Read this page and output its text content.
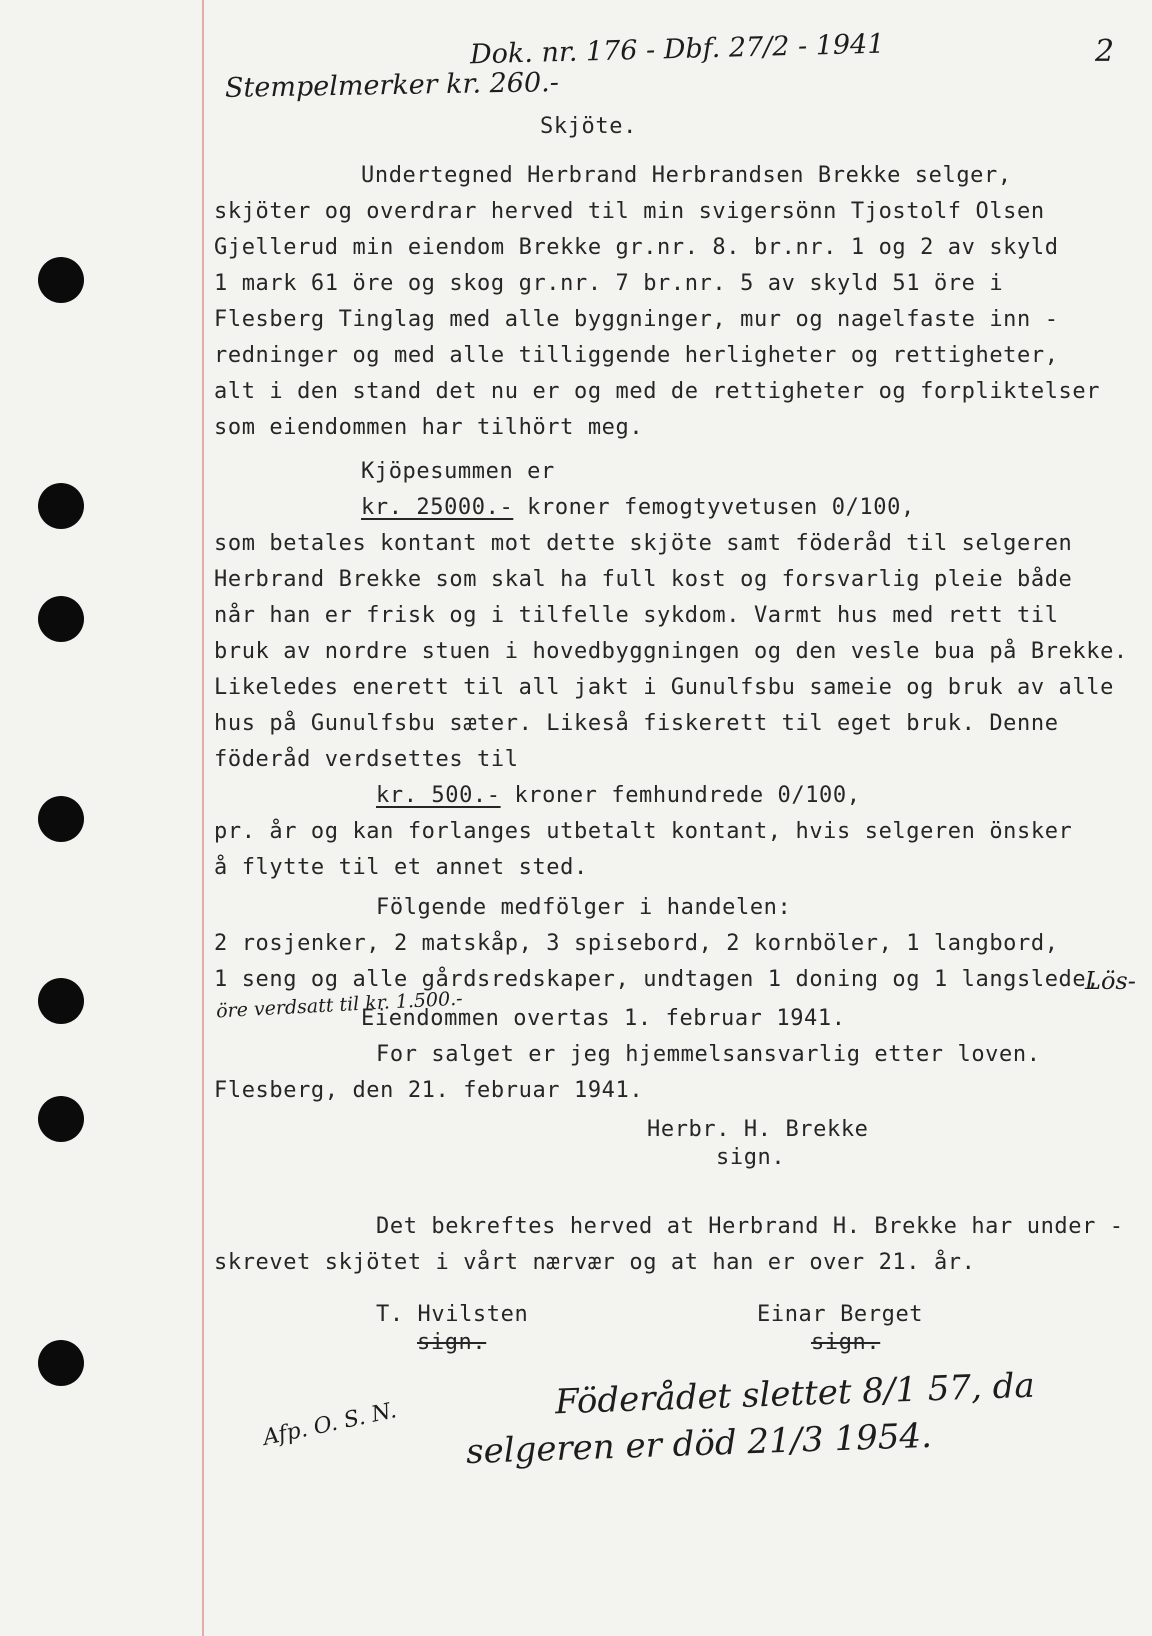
Dok. nr. 176 - Dbf. 27/2 - 1941	2
Stempelmerker kr. 260.-
Skjöte.
Undertegned Herbrand Herbrandsen Brekke selger,
skjöter og overdrar herved til min svigersönn Tjostolf Olsen
Gjellerud min eiendom Brekke gr.nr. 8. br.nr. 1 og 2 av skyld
1 mark 61 öre og skog gr.nr. 7 br.nr. 5 av skyld 51 öre i
Flesberg Tinglag med alle byggninger, mur og nagelfaste inn -
redninger og med alle tilliggende herligheter og rettigheter,
alt i den stand det nu er og med de rettigheter og forpliktelser
som eiendommen har tilhört meg.
Kjöpesummen er
kr. 25000.- kroner femogtyvetusen 0/100,
som betales kontant mot dette skjöte samt föderåd til selgeren
Herbrand Brekke som skal ha full kost og forsvarlig pleie både
når han er frisk og i tilfelle sykdom. Varmt hus med rett til
bruk av nordre stuen i hovedbyggningen og den vesle bua på Brekke.
Likeledes enerett til all jakt i Gunulfsbu sameie og bruk av alle
hus på Gunulfsbu sæter. Likeså fiskerett til eget bruk. Denne
föderåd verdsettes til
kr. 500.- kroner femhundrede 0/100,
pr. år og kan forlanges utbetalt kontant, hvis selgeren önsker
å flytte til et annet sted.
Fölgende medfölger i handelen:
2 rosjenker, 2 matskåp, 3 spisebord, 2 kornböler, 1 langbord,
1 seng og alle gårdsredskaper, undtagen 1 doning og 1 langslede,
Lös-
öre verdsatt til kr. 1.500.-
Eiendommen overtas 1. februar 1941.
For salget er jeg hjemmelsansvarlig etter loven.
Flesberg, den 21. februar 1941.
Herbr. H. Brekke
sign.
Det bekreftes herved at Herbrand H. Brekke har under -
skrevet skjötet i vårt nærvær og at han er over 21. år.
T. Hvilsten
sign.
Einar Berget
sign.
Afp. O. S. N.
Föderådet slettet 8/1 57, da
selgeren er död 21/3 1954.
